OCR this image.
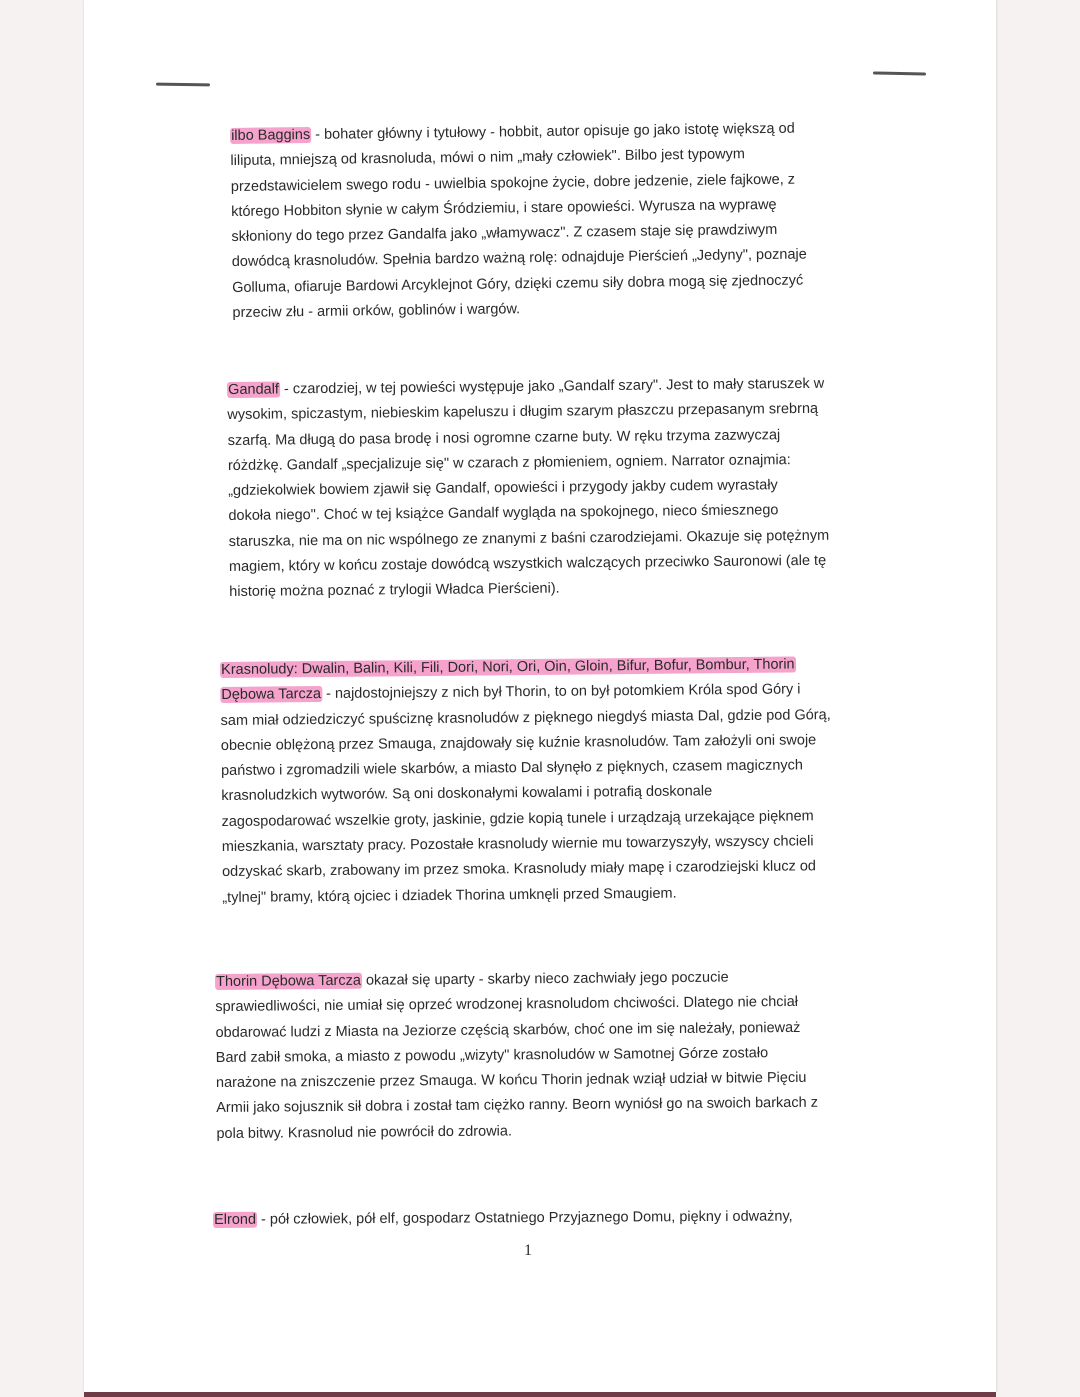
ilbo Baggins - bohater główny i tytułowy - hobbit, autor opisuje go jako istotę większą od
liliputa, mniejszą od krasnoluda, mówi o nim „mały człowiek". Bilbo jest typowym
przedstawicielem swego rodu - uwielbia spokojne życie, dobre jedzenie, ziele fajkowe, z
którego Hobbiton słynie w całym Śródziemiu, i stare opowieści. Wyrusza na wyprawę
skłoniony do tego przez Gandalfa jako „włamywacz". Z czasem staje się prawdziwym
dowódcą krasnoludów. Spełnia bardzo ważną rolę: odnajduje Pierścień „Jedyny", poznaje
Golluma, ofiaruje Bardowi Arcyklejnot Góry, dzięki czemu siły dobra mogą się zjednoczyć
przeciw złu - armii orków, goblinów i wargów.
Gandalf - czarodziej, w tej powieści występuje jako „Gandalf szary". Jest to mały staruszek w
wysokim, spiczastym, niebieskim kapeluszu i długim szarym płaszczu przepasanym srebrną
szarfą. Ma długą do pasa brodę i nosi ogromne czarne buty. W ręku trzyma zazwyczaj
różdżkę. Gandalf „specjalizuje się" w czarach z płomieniem, ogniem. Narrator oznajmia:
„gdziekolwiek bowiem zjawił się Gandalf, opowieści i przygody jakby cudem wyrastały
dokoła niego". Choć w tej książce Gandalf wygląda na spokojnego, nieco śmiesznego
staruszka, nie ma on nic wspólnego ze znanymi z baśni czarodziejami. Okazuje się potężnym
magiem, który w końcu zostaje dowódcą wszystkich walczących przeciwko Sauronowi (ale tę
historię można poznać z trylogii Władca Pierścieni).
Krasnoludy: Dwalin, Balin, Kili, Fili, Dori, Nori, Ori, Oin, Gloin, Bifur, Bofur, Bombur, Thorin
Dębowa Tarcza - najdostojniejszy z nich był Thorin, to on był potomkiem Króla spod Góry i
sam miał odziedziczyć spuściznę krasnoludów z pięknego niegdyś miasta Dal, gdzie pod Górą,
obecnie oblężoną przez Smauga, znajdowały się kuźnie krasnoludów. Tam założyli oni swoje
państwo i zgromadzili wiele skarbów, a miasto Dal słynęło z pięknych, czasem magicznych
krasnoludzkich wytworów. Są oni doskonałymi kowalami i potrafią doskonale
zagospodarować wszelkie groty, jaskinie, gdzie kopią tunele i urządzają urzekające pięknem
mieszkania, warsztaty pracy. Pozostałe krasnoludy wiernie mu towarzyszyły, wszyscy chcieli
odzyskać skarb, zrabowany im przez smoka. Krasnoludy miały mapę i czarodziejski klucz od
„tylnej" bramy, którą ojciec i dziadek Thorina umknęli przed Smaugiem.
Thorin Dębowa Tarcza okazał się uparty - skarby nieco zachwiały jego poczucie
sprawiedliwości, nie umiał się oprzeć wrodzonej krasnoludom chciwości. Dlatego nie chciał
obdarować ludzi z Miasta na Jeziorze częścią skarbów, choć one im się należały, ponieważ
Bard zabił smoka, a miasto z powodu „wizyty" krasnoludów w Samotnej Górze zostało
narażone na zniszczenie przez Smauga. W końcu Thorin jednak wziął udział w bitwie Pięciu
Armii jako sojusznik sił dobra i został tam ciężko ranny. Beorn wyniósł go na swoich barkach z
pola bitwy. Krasnolud nie powrócił do zdrowia.
Elrond - pół człowiek, pół elf, gospodarz Ostatniego Przyjaznego Domu, piękny i odważny,
1
